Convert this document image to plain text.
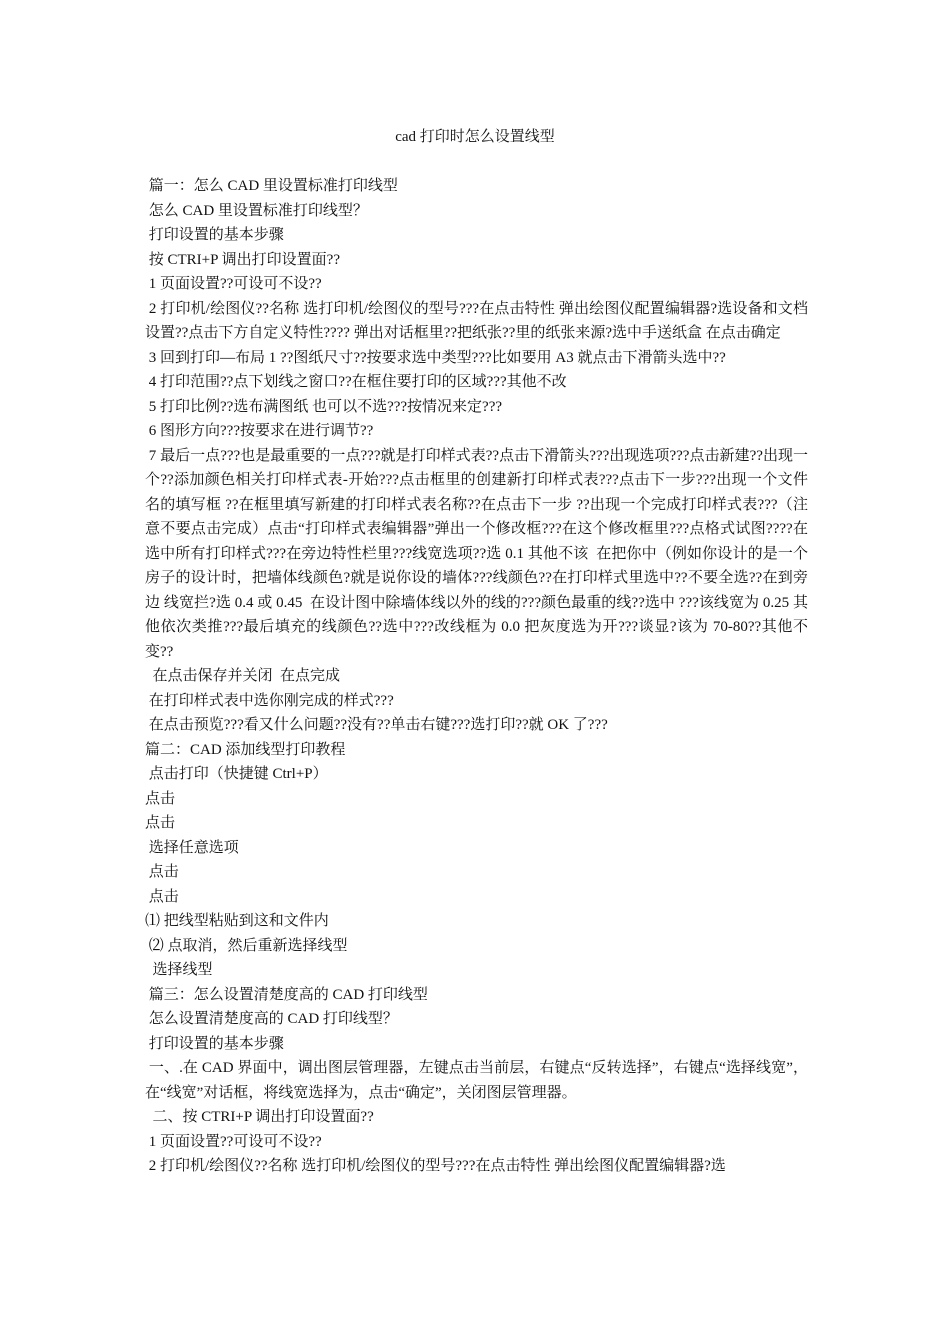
cad 打印时怎么设置线型

篇一：怎么 CAD 里设置标准打印线型

怎么 CAD 里设置标准打印线型？

打印设置的基本步骤

按 CTRI+P 调出打印设置面??

1 页面设置??可设可不设??

2 打印机/绘图仪??名称 选打印机/绘图仪的型号???在点击特性 弹出绘图仪配置编辑器?选设备和文档设置??点击下方自定义特性???? 弹出对话框里??把纸张??里的纸张来源?选中手送纸盒 在点击确定

3 回到打印—布局 1 ??图纸尺寸??按要求选中类型???比如要用 A3 就点击下滑箭头选中??

4 打印范围??点下划线之窗口??在框住要打印的区域???其他不改

5 打印比例??选布满图纸 也可以不选???按情况来定???

6 图形方向???按要求在进行调节??

7 最后一点???也是最重要的一点???就是打印样式表??点击下滑箭头???出现选项???点击新建??出现一个??添加颜色相关打印样式表-开始???点击框里的创建新打印样式表???点击下一步???出现一个文件名的填写框 ??在框里填写新建的打印样式表名称??在点击下一步 ??出现一个完成打印样式表???（注意不要点击完成）点击“打印样式表编辑器”弹出一个修改框???在这个修改框里???点格式试图????在选中所有打印样式???在旁边特性栏里???线宽选项??选 0.1 其他不该  在把你中（例如你设计的是一个房子的设计时，把墙体线颜色?就是说你设的墙体???线颜色??在打印样式里选中??不要全选??在到旁边 线宽拦?选 0.4 或 0.45  在设计图中除墙体线以外的线的???颜色最重的线??选中 ???该线宽为 0.25 其他依次类推???最后填充的线颜色??选中???改线框为 0.0 把灰度选为开???谈显?该为 70-80??其他不变??

在点击保存并关闭  在点完成

在打印样式表中选你刚完成的样式???

在点击预览???看又什么问题??没有??单击右键???选打印??就 OK 了???

篇二：CAD 添加线型打印教程

点击打印（快捷键 Ctrl+P）

点击

点击

选择任意选项

点击

点击

⑴ 把线型粘贴到这和文件内

⑵ 点取消，然后重新选择线型

选择线型

篇三：怎么设置清楚度高的 CAD 打印线型

怎么设置清楚度高的 CAD 打印线型？

打印设置的基本步骤

一、.在 CAD 界面中，调出图层管理器，左键点击当前层，右键点“反转选择”，右键点“选择线宽”，在“线宽”对话框，将线宽选择为，点击“确定”，关闭图层管理器。

二、按 CTRI+P 调出打印设置面??

1 页面设置??可设可不设??

2 打印机/绘图仪??名称 选打印机/绘图仪的型号???在点击特性 弹出绘图仪配置编辑器?选
